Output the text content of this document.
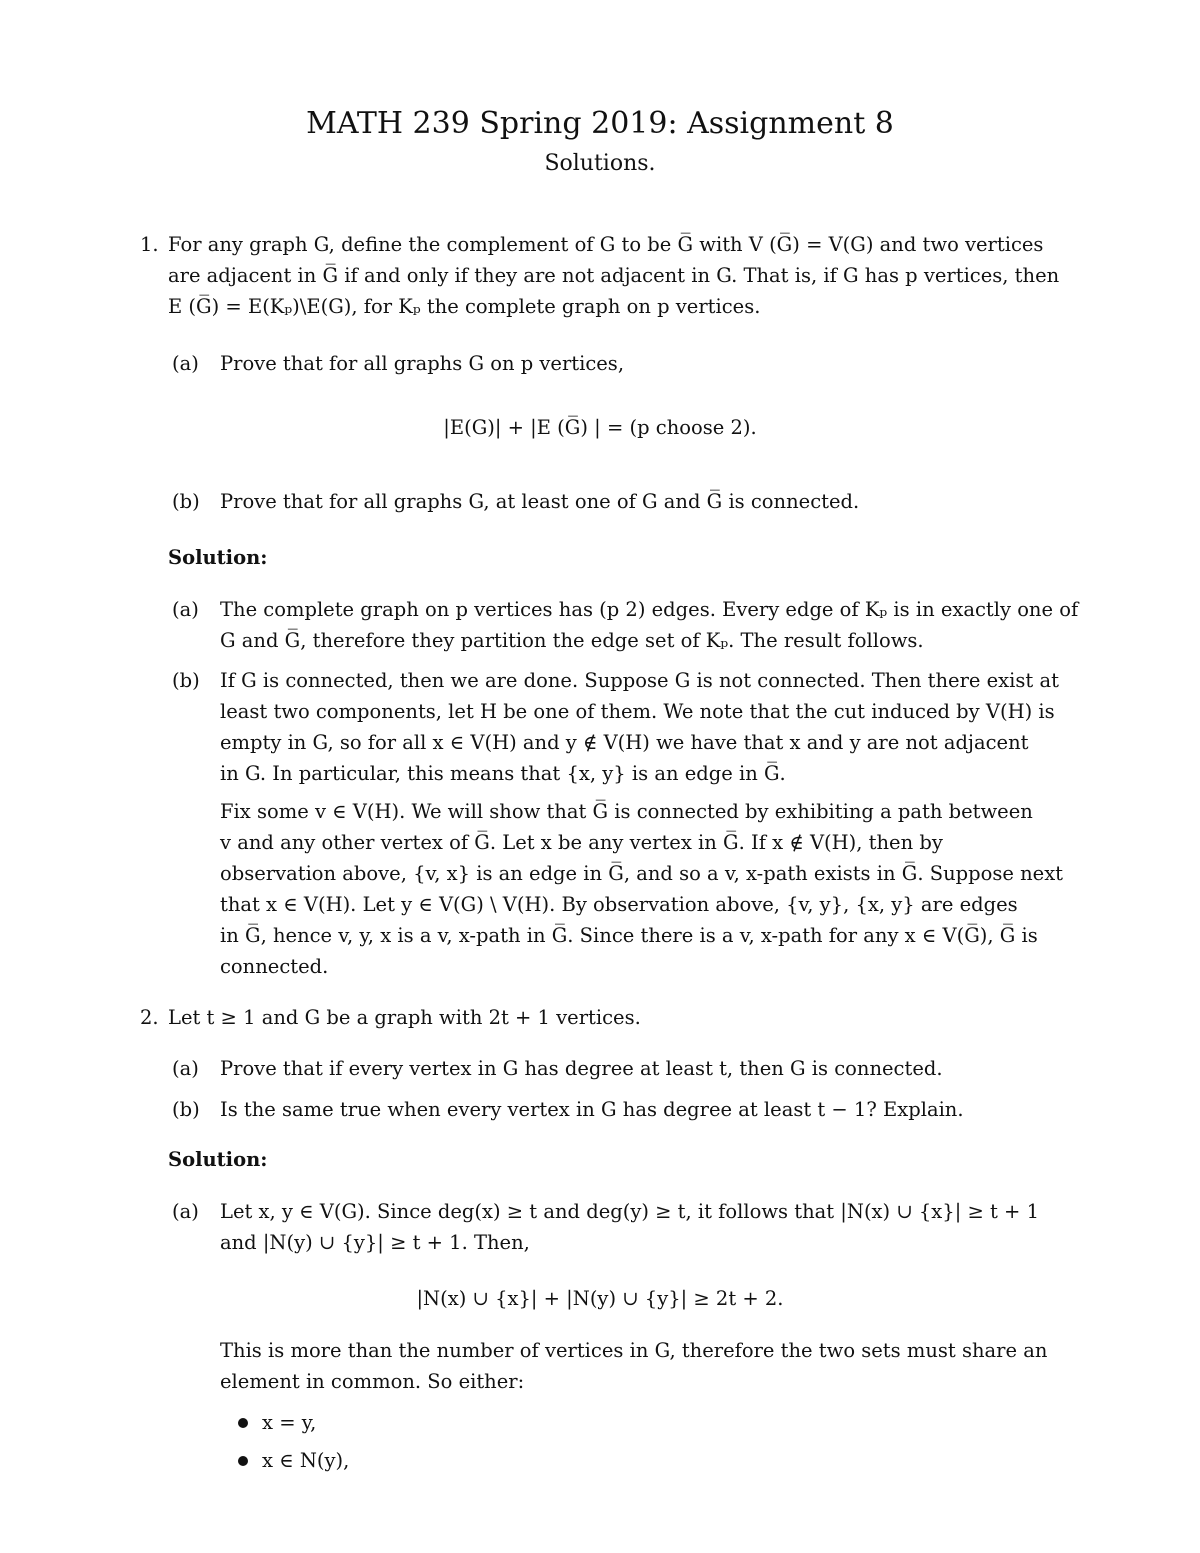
MATH 239 Spring 2019: Assignment 8
Solutions.
1. For any graph G, define the complement of G to be G̅ with V (G̅) = V(G) and two vertices
are adjacent in G̅ if and only if they are not adjacent in G. That is, if G has p vertices, then
E (G̅) = E(Kₚ)\E(G), for Kₚ the complete graph on p vertices.
(a) Prove that for all graphs G on p vertices,
|E(G)| + |E (G̅) | = (p choose 2).
(b) Prove that for all graphs G, at least one of G and G̅ is connected.
Solution:
(a) The complete graph on p vertices has (p 2) edges. Every edge of Kₚ is in exactly one of
G and G̅, therefore they partition the edge set of Kₚ. The result follows.
(b) If G is connected, then we are done. Suppose G is not connected. Then there exist at
least two components, let H be one of them. We note that the cut induced by V(H) is
empty in G, so for all x ∈ V(H) and y ∉ V(H) we have that x and y are not adjacent
in G. In particular, this means that {x, y} is an edge in G̅.
Fix some v ∈ V(H). We will show that G̅ is connected by exhibiting a path between
v and any other vertex of G̅. Let x be any vertex in G̅. If x ∉ V(H), then by
observation above, {v, x} is an edge in G̅, and so a v, x-path exists in G̅. Suppose next
that x ∈ V(H). Let y ∈ V(G) \ V(H). By observation above, {v, y}, {x, y} are edges
in G̅, hence v, y, x is a v, x-path in G̅. Since there is a v, x-path for any x ∈ V(G̅), G̅ is
connected.
2. Let t ≥ 1 and G be a graph with 2t + 1 vertices.
(a) Prove that if every vertex in G has degree at least t, then G is connected.
(b) Is the same true when every vertex in G has degree at least t − 1? Explain.
Solution:
(a) Let x, y ∈ V(G). Since deg(x) ≥ t and deg(y) ≥ t, it follows that |N(x) ∪ {x}| ≥ t + 1
and |N(y) ∪ {y}| ≥ t + 1. Then,
|N(x) ∪ {x}| + |N(y) ∪ {y}| ≥ 2t + 2.
This is more than the number of vertices in G, therefore the two sets must share an
element in common. So either:
x = y,
x ∈ N(y),
